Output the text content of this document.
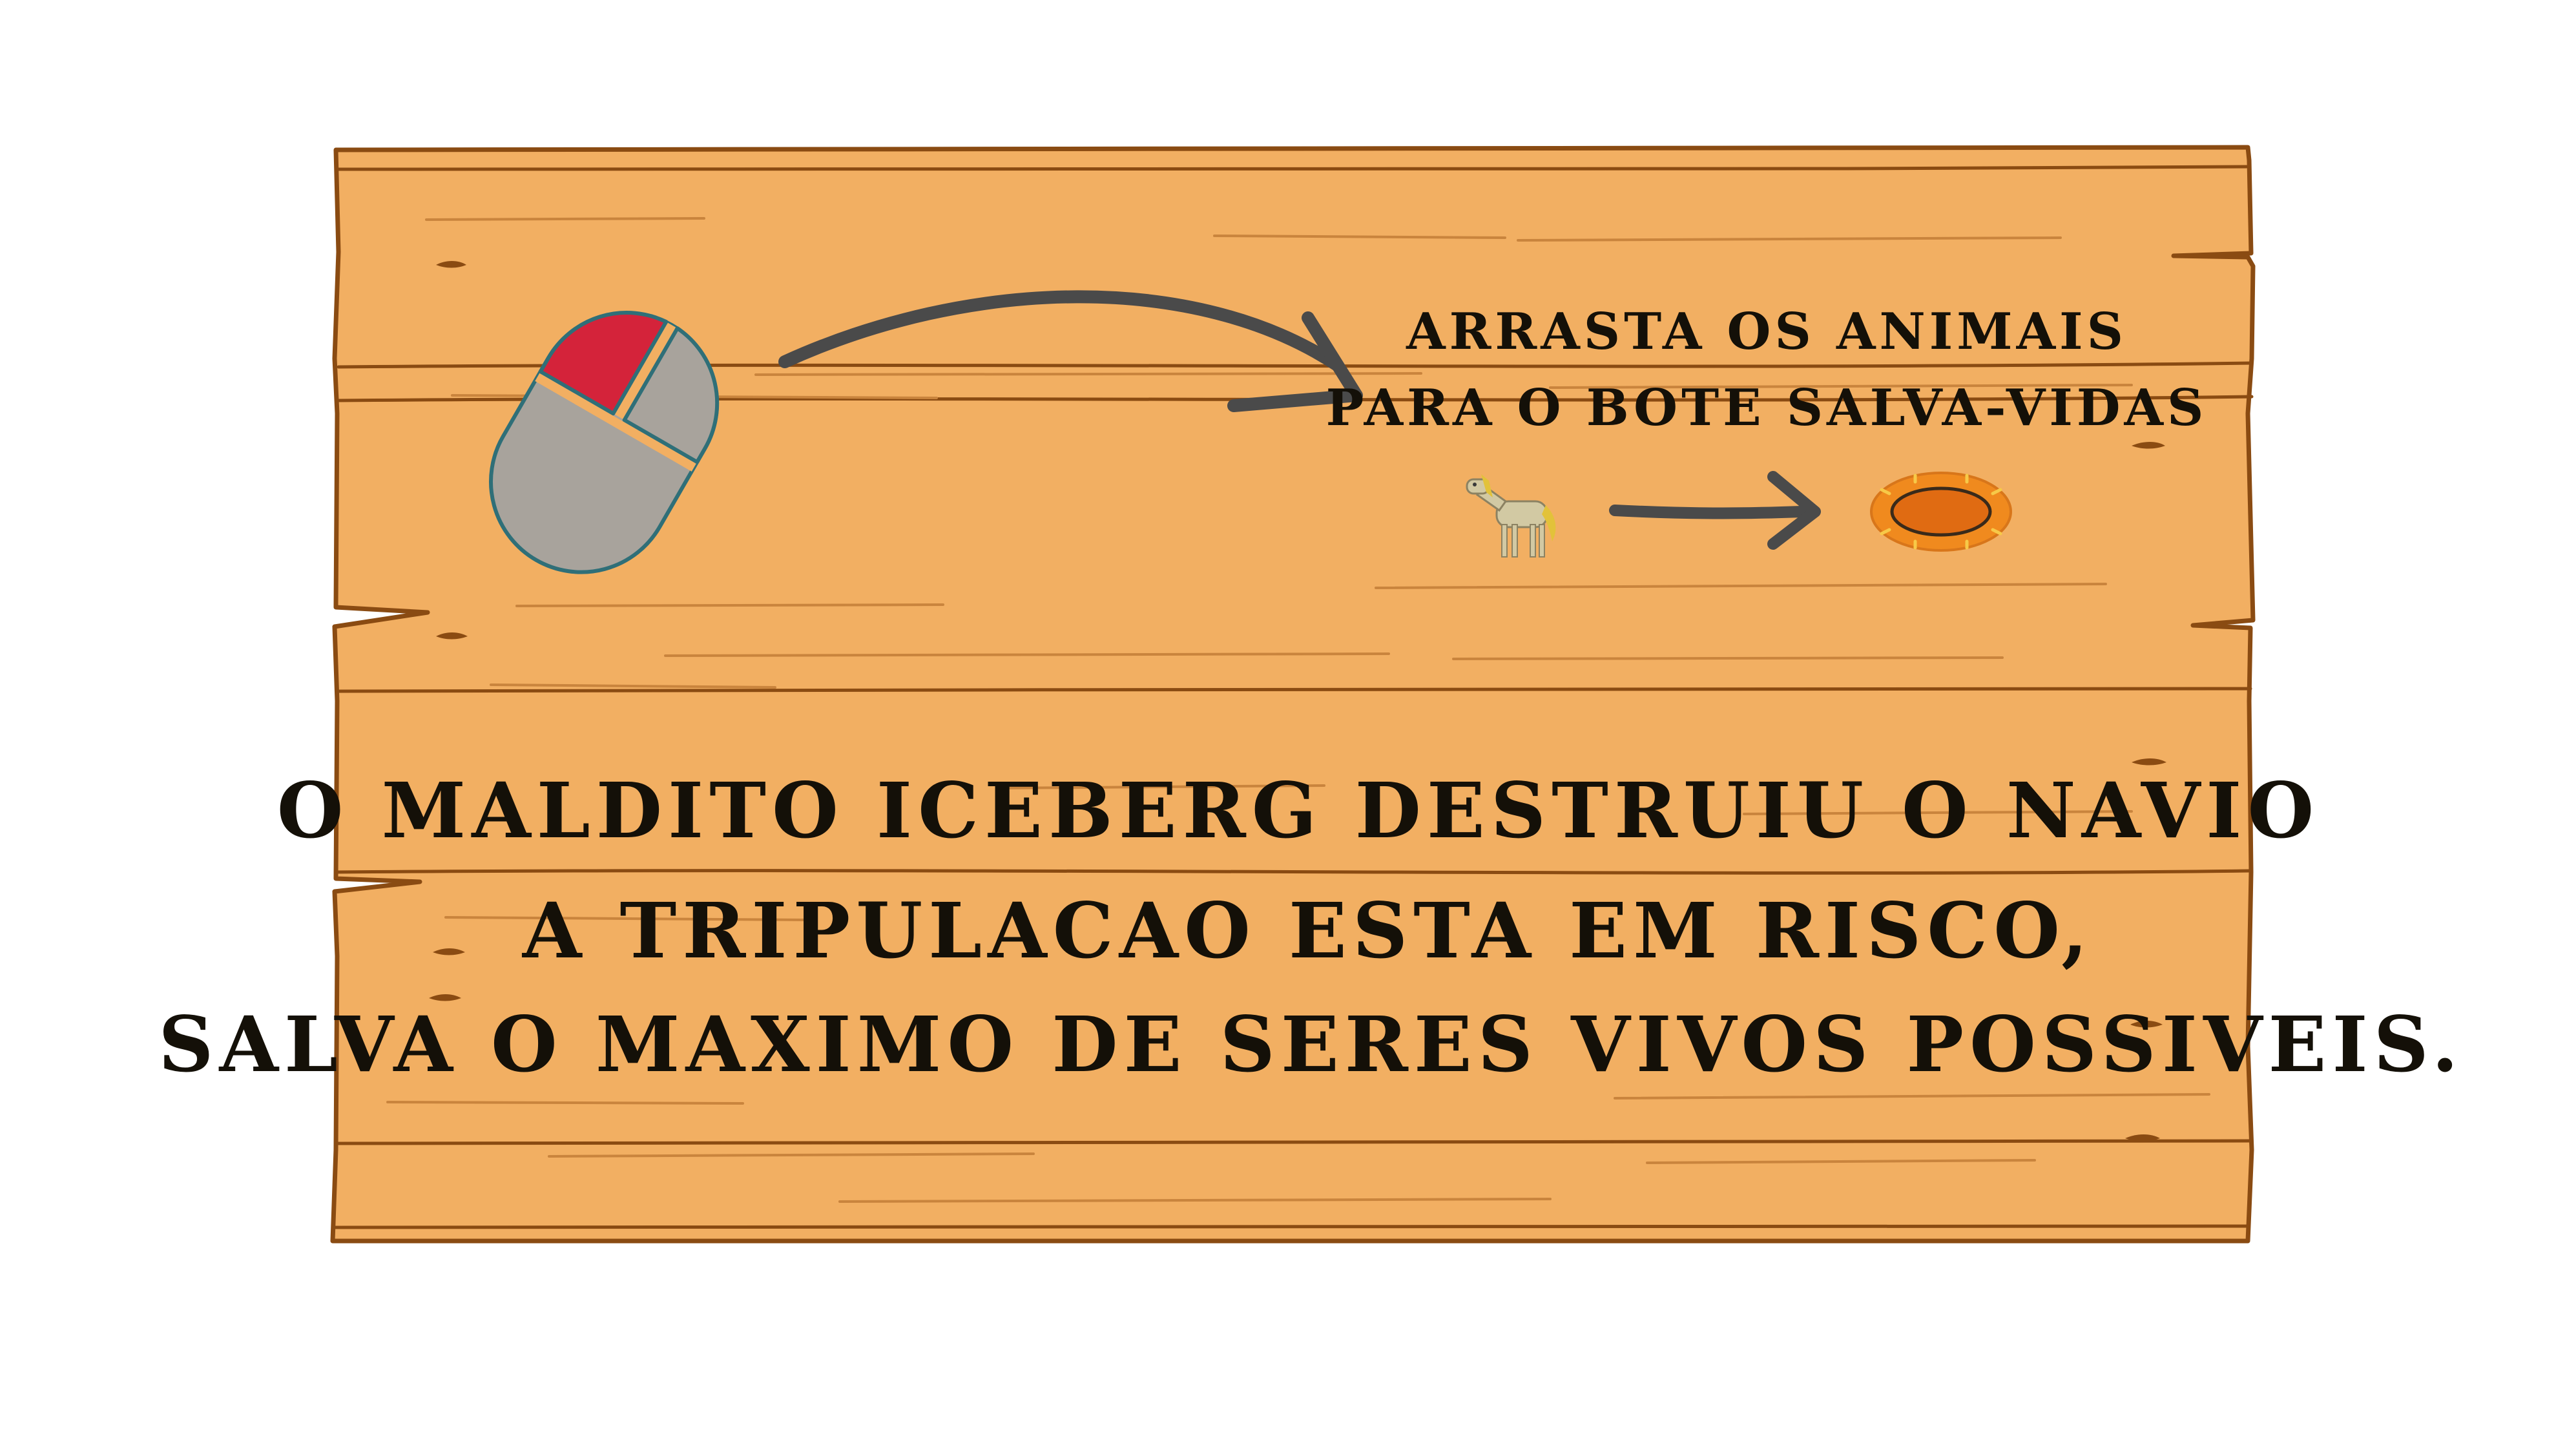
ARRASTA OS ANIMAIS
PARA O BOTE SALVA-VIDAS
O MALDITO ICEBERG DESTRUIU O NAVIO
A TRIPULACAO ESTA EM RISCO,
SALVA O MAXIMO DE SERES VIVOS POSSIVEIS.
